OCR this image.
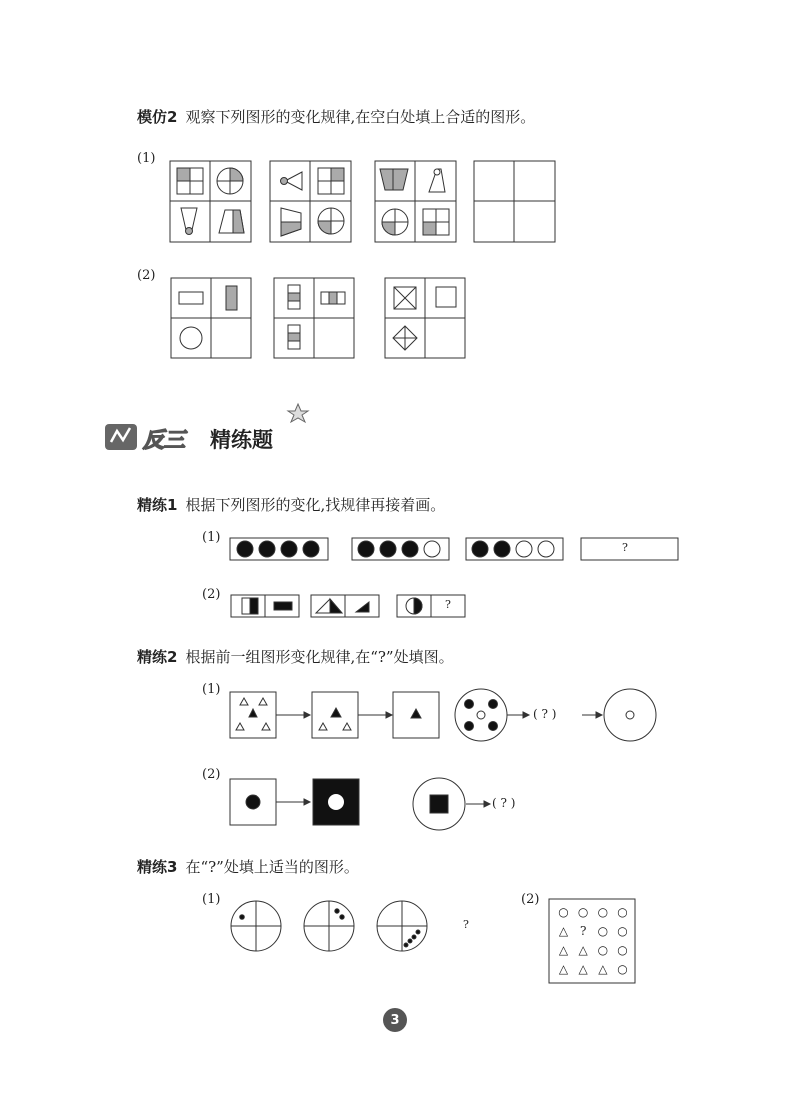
模仿2 观察下列图形的变化规律,在空白处填上合适的图形。
(1)
(2)
反三 精练题
精练1 根据下列图形的变化,找规律再接着画。
(1)
?
(2)
?
精练2 根据前一组图形变化规律,在“?”处填图。
(1)
( ? )
(2)
( ? )
精练3 在“?”处填上适当的图形。
(1)
?
(2)
○ ○ ○ ○
△ ? ○ ○
△ △ ○ ○
△ △ △ ○
3
